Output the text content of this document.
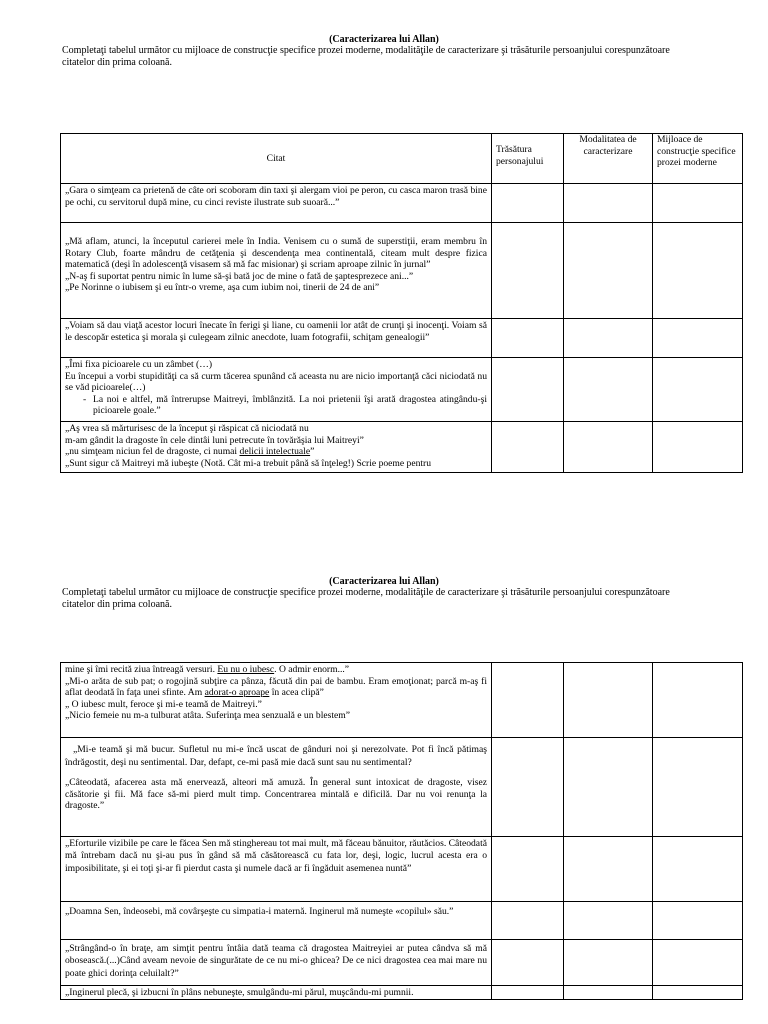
(Caracterizarea lui Allan)
Completaţi tabelul următor cu mijloace de construcţie specifice prozei moderne, modalităţile de caracterizare şi trăsăturile persoanjului corespunzătoare citatelor din prima coloană.
Citat	Trăsătura personajului	Modalitatea de caracterizare	Mijloace de construcţie specifice prozei moderne
„Gara o simţeam ca prietenă de câte ori scoboram din taxi şi alergam vioi pe peron, cu casca maron trasă bine pe ochi, cu servitorul după mine, cu cinci reviste ilustrate sub suoară...”			

„Mă aflam, atunci, la începutul carierei mele în India. Venisem cu o sumă de superstiţii, eram membru în Rotary Club, foarte mândru de cetăţenia şi descendenţa mea continentală, citeam mult despre fizica matematică (deşi în adolescenţă visasem să mă fac misionar) şi scriam aproape zilnic în jurnal”
„N-aş fi suportat pentru nimic în lume să-şi bată joc de mine o fată de şaptesprezece ani...”
„Pe Norinne o iubisem şi eu într-o vreme, aşa cum iubim noi, tinerii de 24 de ani”			

„Voiam să dau viaţă acestor locuri înecate în ferigi şi liane, cu oamenii lor atât de crunţi şi inocenţi. Voiam să le descopăr estetica şi morala şi culegeam zilnic anecdote, luam fotografii, schiţam genealogii”			

„Îmi fixa picioarele cu un zâmbet (…)
Eu începui a vorbi stupidităţi ca să curm tăcerea spunând că aceasta nu are nicio importanţă căci niciodată nu se văd picioarele(…)
- La noi e altfel, mă întrerupse Maitreyi, îmblânzită. La noi prietenii îşi arată dragostea atingându-şi picioarele goale.”			

„Aş vrea să mărturisesc de la început şi răspicat că niciodată nu
m-am gândit la dragoste în cele dintâi luni petrecute în tovărăşia lui Maitreyi”
„nu simţeam niciun fel de dragoste, ci numai delicii intelectuale”
„Sunt sigur că Maitreyi mă iubeşte (Notă. Cât mi-a trebuit până să înţeleg!) Scrie poeme pentru			

(Caracterizarea lui Allan)
Completaţi tabelul următor cu mijloace de construcţie specifice prozei moderne, modalităţile de caracterizare şi trăsăturile persoanjului corespunzătoare citatelor din prima coloană.
mine şi îmi recită ziua întreagă versuri. Eu nu o iubesc. O admir enorm...”
„Mi-o arăta de sub pat; o rogojină subţire ca pânza, făcută din pai de bambu. Eram emoţionat; parcă m-aş fi aflat deodată în faţa unei sfinte. Am adorat-o aproape în acea clipă”
„ O iubesc mult, feroce şi mi-e teamă de Maitreyi.”
„Nicio femeie nu m-a tulburat atâta. Suferinţa mea senzuală e un blestem”			

„Mi-e teamă şi mă bucur. Sufletul nu mi-e încă uscat de gânduri noi şi nerezolvate. Pot fi încă pătimaş îndrăgostit, deşi nu sentimental. Dar, defapt, ce-mi pasă mie dacă sunt sau nu sentimental?
„Câteodată, afacerea asta mă enervează, alteori mă amuză. În general sunt intoxicat de dragoste, visez căsătorie şi fii. Mă face să-mi pierd mult timp. Concentrarea mintală e dificilă. Dar nu voi renunţa la dragoste.”			

„Eforturile vizibile pe care le făcea Sen mă stinghereau tot mai mult, mă făceau bănuitor, răutăcios. Câteodată mă întrebam dacă nu şi-au pus în gând să mă căsătorească cu fata lor, deşi, logic, lucrul acesta era o imposibilitate, şi ei toţi şi-ar fi pierdut casta şi numele dacă ar fi îngăduit asemenea nuntă”			
„Doamna Sen, îndeosebi, mă covârşeşte cu simpatia-i maternă. Inginerul mă numeşte «copilul» său.”			
„Strângând-o în braţe, am simţit pentru întâia dată teama că dragostea Maitreyiei ar putea cândva să mă obosească.(...)Când aveam nevoie de singurătate de ce nu mi-o ghicea? De ce nici dragostea cea mai mare nu poate ghici dorinţa celuilalt?”			
„Inginerul plecă, şi izbucni în plâns nebuneşte, smulgându-mi părul, muşcându-mi pumnii.			
